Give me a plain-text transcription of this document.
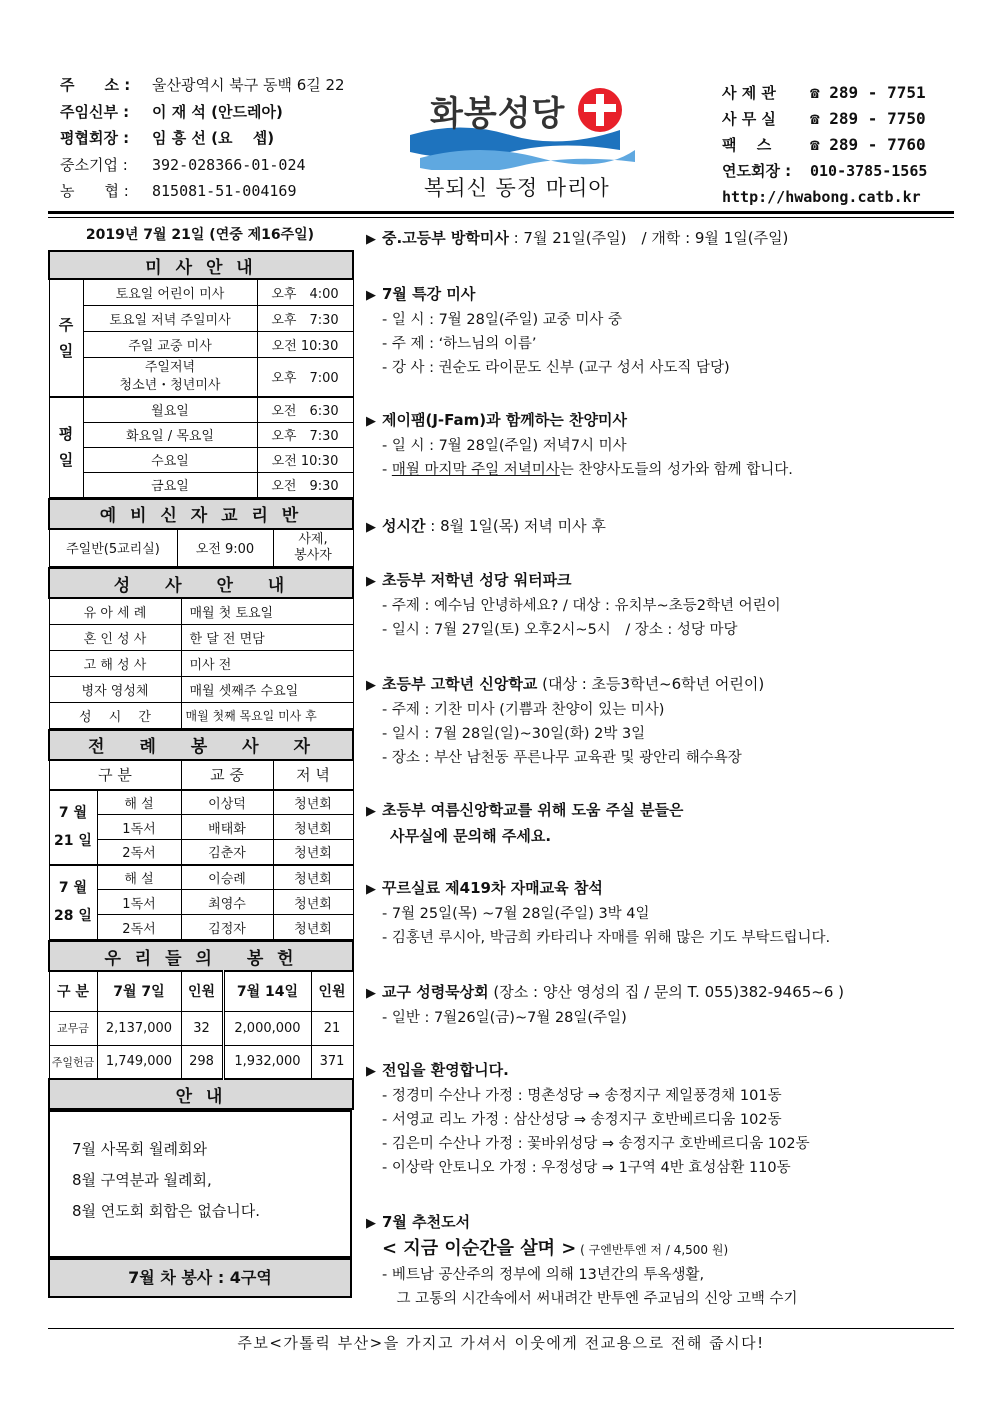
주　　소 :	울산광역시 북구 동백 6길 22
주임신부 :	이 재 석 (안드레아)
평협회장 :	임 흥 선 (요　 셉)
중소기업 :	392-028366-01-024
농　　협 :	815081-51-004169
화봉성당
복되신 동정 마리아
사 제 관	☎ 289 - 7751
사 무 실	☎ 289 - 7750
팩　 스	☎ 289 - 7760
연도회장 :	010-3785-1565
http://hwabong.catb.kr
2019년 7월 21일 (연중 제16주일)
미 사 안 내		
주
일	토요일 어린이 미사	오후　4:00
	토요일 저녁 주일미사	오후　7:30
	주일 교중 미사	오전 10:30
	주일저녁
청소년・청년미사	오후　7:00
평
일	월요일	오전　6:30
	화요일 / 목요일	오후　7:30
	수요일	오전 10:30
	금요일	오전　9:30
예 비 신 자 교 리 반
주일반(5교리실)	오전 9:00	사제,
봉사자
성　 사　 안　 내	
유 아 세 례	매월 첫 토요일
혼 인 성 사	한 달 전 면담
고 해 성 사	미사 전
병자 영성체	매월 셋째주 수요일
성　 시　 간	매월 첫째 목요일 미사 후
전　 례　 봉　 사　 자			
구 분		교 중	저 녁
7 월
21 일	해 설	이상덕	청년회
	1독서	배태화	청년회
	2독서	김춘자	청년회
7 월
28 일	해 설	이승례	청년회
	1독서	최영수	청년회
	2독서	김정자	청년회
우 리 들 의　 봉 헌				
구 분	7월 7일	인원	7월 14일	인원
교무금	2,137,000	32	2,000,000	21
주일헌금	1,749,000	298	1,932,000	371
안 내				
7월 사목회 월례회와
8월 구역분과 월례회,
8월 연도회 회합은 없습니다.
7월 차 봉사 : 4구역
▶ 중.고등부 방학미사 : 7월 21일(주일)　/ 개학 : 9월 1일(주일)
▶ 7월 특강 미사
- 일 시 : 7월 28일(주일) 교중 미사 중
- 주 제 : ‘하느님의 이름’
- 강 사 : 권순도 라이문도 신부 (교구 성서 사도직 담당)
▶ 제이팸(J-Fam)과 함께하는 찬양미사
- 일 시 : 7월 28일(주일) 저녁7시 미사
- 매월 마지막 주일 저녁미사는 찬양사도들의 성가와 함께 합니다.
▶ 성시간 : 8월 1일(목) 저녁 미사 후
▶ 초등부 저학년 성당 워터파크
- 주제 : 예수님 안녕하세요? / 대상 : 유치부~초등2학년 어린이
- 일시 : 7월 27일(토) 오후2시~5시　/ 장소 : 성당 마당
▶ 초등부 고학년 신앙학교 (대상 : 초등3학년~6학년 어린이)
- 주제 : 기찬 미사 (기쁨과 찬양이 있는 미사)
- 일시 : 7월 28일(일)~30일(화) 2박 3일
- 장소 : 부산 남천동 푸른나무 교육관 및 광안리 해수욕장
▶ 초등부 여름신앙학교를 위해 도움 주실 분들은
사무실에 문의해 주세요.
▶ 꾸르실료 제419차 자매교육 참석
- 7월 25일(목) ~7월 28일(주일) 3박 4일
- 김홍년 루시아, 박금희 카타리나 자매를 위해 많은 기도 부탁드립니다.
▶ 교구 성령묵상회 (장소 : 양산 영성의 집 / 문의 T. 055)382-9465~6 )
- 일반 : 7월26일(금)~7월 28일(주일)
▶ 전입을 환영합니다.
- 정경미 수산나 가정 : 명촌성당 ⇒ 송정지구 제일풍경채 101동
- 서영교 리노 가정 : 삼산성당 ⇒ 송정지구 호반베르디움 102동
- 김은미 수산나 가정 : 꽃바위성당 ⇒ 송정지구 호반베르디움 102동
- 이상락 안토니오 가정 : 우정성당 ⇒ 1구역 4반 효성삼환 110동
▶ 7월 추천도서
< 지금 이순간을 살며 > ( 구엔반투엔 저 / 4,500 원)
- 베트남 공산주의 정부에 의해 13년간의 투옥생활,
　그 고통의 시간속에서 써내려간 반투엔 주교님의 신앙 고백 수기
주보<가톨릭 부산>을 가지고 가셔서 이웃에게 전교용으로 전해 줍시다!
